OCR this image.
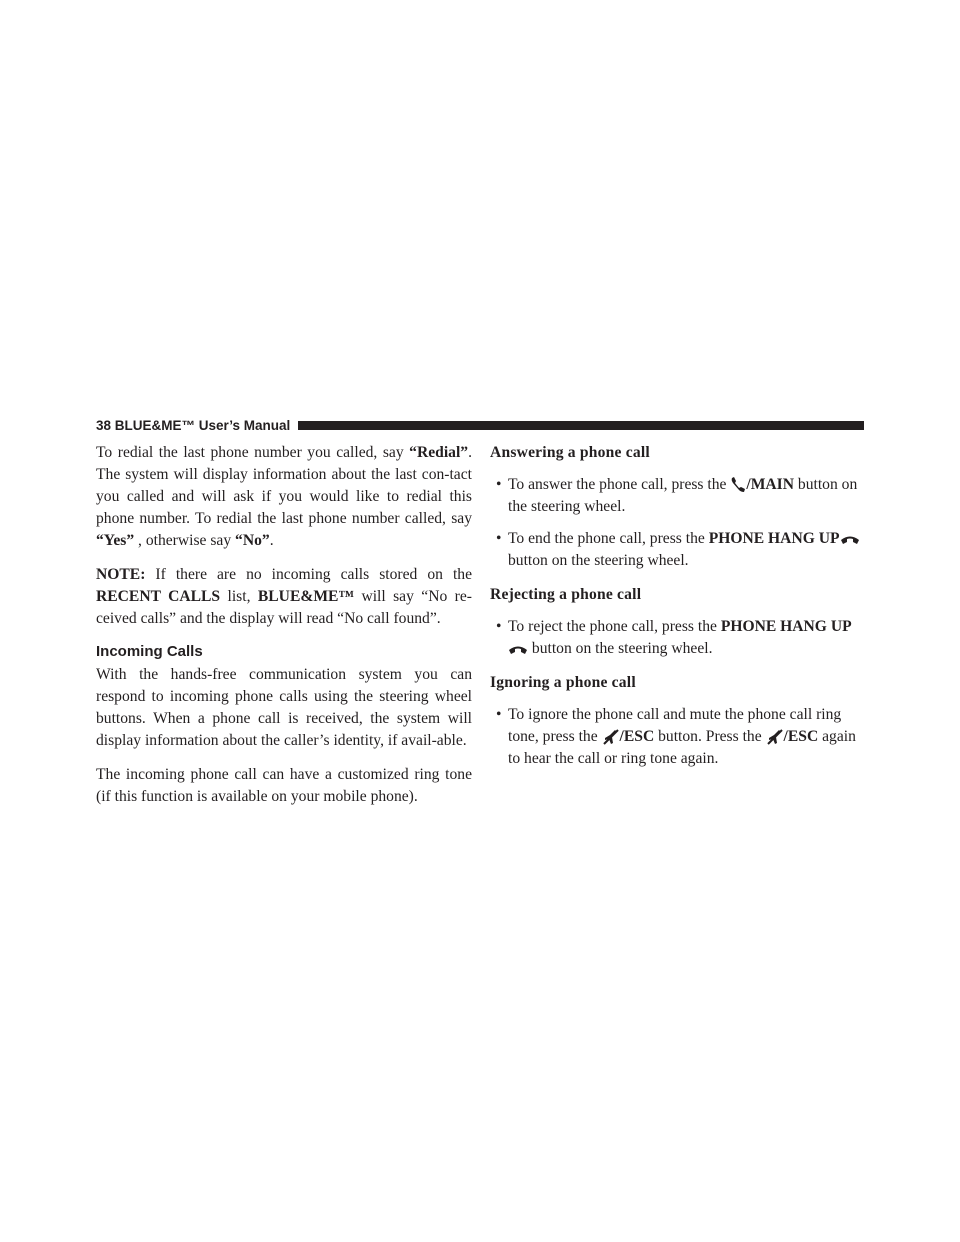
38 BLUE&ME™ User’s Manual

To redial the last phone number you called, say “Redial”. The system will display information about the last con-tact you called and will ask if you would like to redial this phone number. To redial the last phone number called, say “Yes” , otherwise say “No”.

NOTE: If there are no incoming calls stored on the RECENT CALLS list, BLUE&ME™ will say “No re-ceived calls” and the display will read “No call found”.

Incoming Calls

With the hands-free communication system you can respond to incoming phone calls using the steering wheel buttons. When a phone call is received, the system will display information about the caller’s identity, if avail-able.

The incoming phone call can have a customized ring tone (if this function is available on your mobile phone).

Answering a phone call
• To answer the phone call, press the
/MAIN button on the steering wheel.
• To end the phone call, press the PHONE HANG UP
button on the steering wheel.
Rejecting a phone call
• To reject the phone call, press the PHONE HANG UP
button on the steering wheel.
Ignoring a phone call
• To ignore the phone call and mute the phone call ring tone, press the
/ESC button. Press the
/ESC again to hear the call or ring tone again.
